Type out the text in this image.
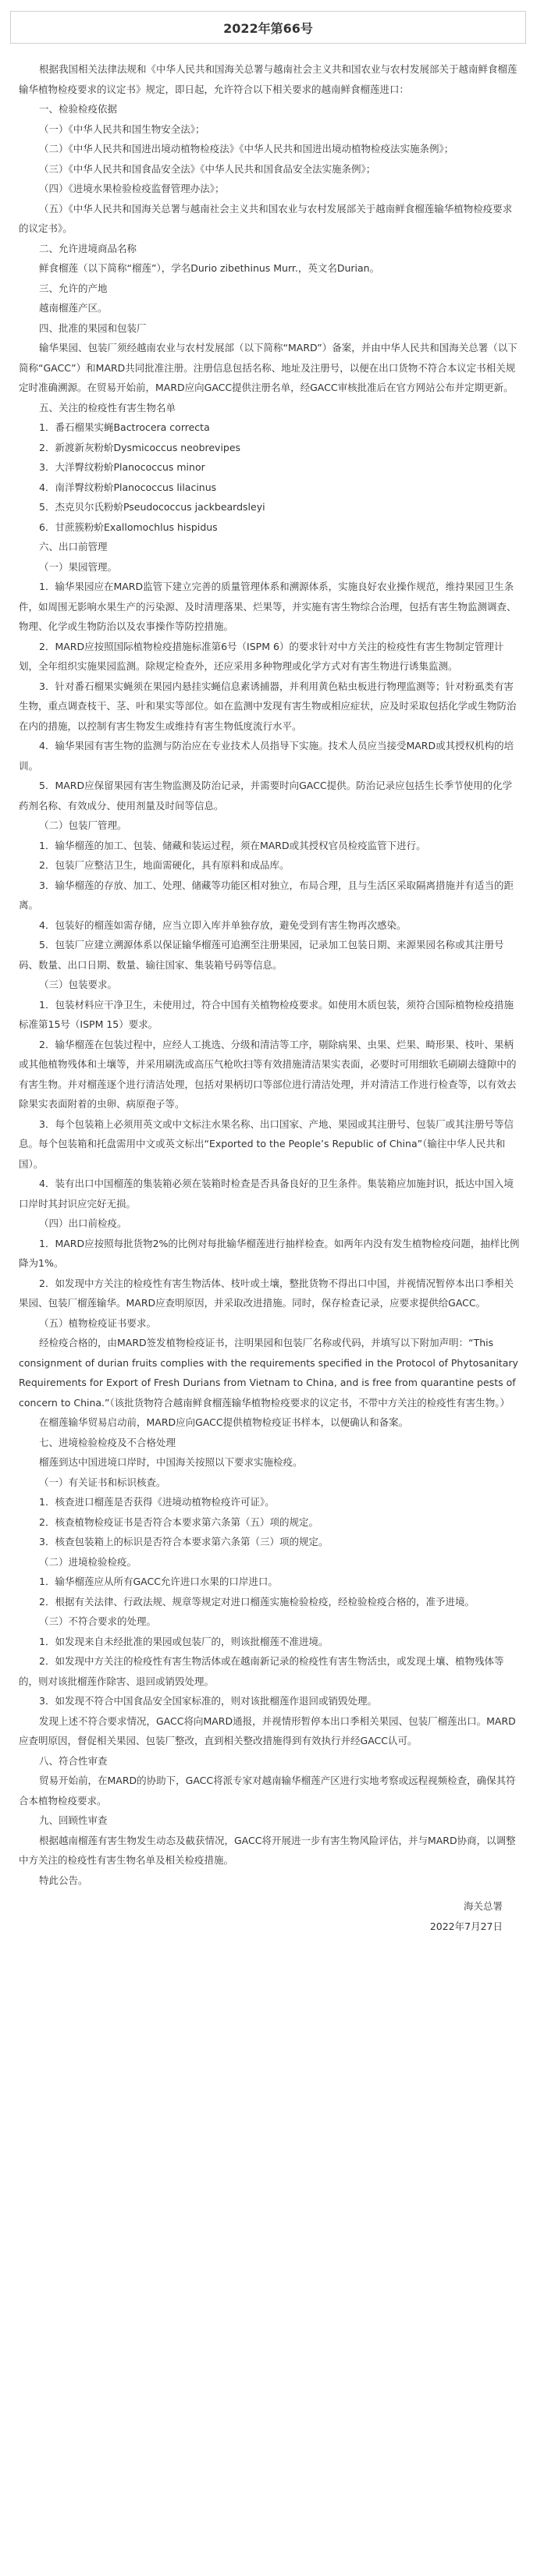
2022年第66号

根据我国相关法律法规和《中华人民共和国海关总署与越南社会主义共和国农业与农村发展部关于越南鲜食榴莲输华植物检疫要求的议定书》规定，即日起，允许符合以下相关要求的越南鲜食榴莲进口：

一、检验检疫依据

（一）《中华人民共和国生物安全法》；

（二）《中华人民共和国进出境动植物检疫法》《中华人民共和国进出境动植物检疫法实施条例》；

（三）《中华人民共和国食品安全法》《中华人民共和国食品安全法实施条例》；

（四）《进境水果检验检疫监督管理办法》；

（五）《中华人民共和国海关总署与越南社会主义共和国农业与农村发展部关于越南鲜食榴莲输华植物检疫要求的议定书》。

二、允许进境商品名称

鲜食榴莲（以下简称“榴莲”），学名Durio zibethinus Murr.，英文名Durian。

三、允许的产地

越南榴莲产区。

四、批准的果园和包装厂

输华果园、包装厂须经越南农业与农村发展部（以下简称“MARD”）备案，并由中华人民共和国海关总署（以下简称“GACC”）和MARD共同批准注册。注册信息包括名称、地址及注册号，以便在出口货物不符合本议定书相关规定时准确溯源。在贸易开始前，MARD应向GACC提供注册名单，经GACC审核批准后在官方网站公布并定期更新。

五、关注的检疫性有害生物名单

1．番石榴果实蝇Bactrocera correcta

2．新渡新灰粉蚧Dysmicoccus neobrevipes

3．大洋臀纹粉蚧Planococcus minor

4．南洋臀纹粉蚧Planococcus lilacinus

5．杰克贝尔氏粉蚧Pseudococcus jackbeardsleyi

6．甘蔗簇粉蚧Exallomochlus hispidus

六、出口前管理

（一）果园管理。

1．输华果园应在MARD监管下建立完善的质量管理体系和溯源体系，实施良好农业操作规范，维持果园卫生条件，如周围无影响水果生产的污染源、及时清理落果、烂果等，并实施有害生物综合治理，包括有害生物监测调查、物理、化学或生物防治以及农事操作等防控措施。

2．MARD应按照国际植物检疫措施标准第6号（ISPM 6）的要求针对中方关注的检疫性有害生物制定管理计划，全年组织实施果园监测。除规定检查外，还应采用多种物理或化学方式对有害生物进行诱集监测。

3．针对番石榴果实蝇须在果园内悬挂实蝇信息素诱捕器，并利用黄色粘虫板进行物理监测等；针对粉虱类有害生物，重点调查枝干、茎、叶和果实等部位。如在监测中发现有害生物或相应症状，应及时采取包括化学或生物防治在内的措施，以控制有害生物发生或维持有害生物低度流行水平。

4．输华果园有害生物的监测与防治应在专业技术人员指导下实施。技术人员应当接受MARD或其授权机构的培训。

5．MARD应保留果园有害生物监测及防治记录，并需要时向GACC提供。防治记录应包括生长季节使用的化学药剂名称、有效成分、使用剂量及时间等信息。

（二）包装厂管理。

1．输华榴莲的加工、包装、储藏和装运过程，须在MARD或其授权官员检疫监管下进行。

2．包装厂应整洁卫生，地面需硬化，具有原料和成品库。

3．输华榴莲的存放、加工、处理、储藏等功能区相对独立，布局合理，且与生活区采取隔离措施并有适当的距离。

4．包装好的榴莲如需存储，应当立即入库并单独存放，避免受到有害生物再次感染。

5．包装厂应建立溯源体系以保证输华榴莲可追溯至注册果园，记录加工包装日期、来源果园名称或其注册号码、数量、出口日期、数量、输往国家、集装箱号码等信息。

（三）包装要求。

1．包装材料应干净卫生，未使用过，符合中国有关植物检疫要求。如使用木质包装，须符合国际植物检疫措施标准第15号（ISPM 15）要求。

2．输华榴莲在包装过程中，应经人工挑选、分级和清洁等工序，剔除病果、虫果、烂果、畸形果、枝叶、果柄或其他植物残体和土壤等，并采用刷洗或高压气枪吹扫等有效措施清洁果实表面，必要时可用细软毛刷刷去缝隙中的有害生物。并对榴莲逐个进行清洁处理，包括对果柄切口等部位进行清洁处理，并对清洁工作进行检查等，以有效去除果实表面附着的虫卵、病原孢子等。

3．每个包装箱上必须用英文或中文标注水果名称、出口国家、产地、果园或其注册号、包装厂或其注册号等信息。每个包装箱和托盘需用中文或英文标出“Exported to the People’s Republic of China”（输往中华人民共和国）。

4．装有出口中国榴莲的集装箱必须在装箱时检查是否具备良好的卫生条件。集装箱应加施封识，抵达中国入境口岸时其封识应完好无损。

（四）出口前检疫。

1．MARD应按照每批货物2%的比例对每批输华榴莲进行抽样检查。如两年内没有发生植物检疫问题，抽样比例降为1%。

2．如发现中方关注的检疫性有害生物活体、枝叶或土壤，整批货物不得出口中国，并视情况暂停本出口季相关果园、包装厂榴莲输华。MARD应查明原因，并采取改进措施。同时，保存检查记录，应要求提供给GACC。

（五）植物检疫证书要求。

经检疫合格的，由MARD签发植物检疫证书，注明果园和包装厂名称或代码，并填写以下附加声明：“This consignment of durian fruits complies with the requirements specified in the Protocol of Phytosanitary Requirements for Export of Fresh Durians from Vietnam to China, and is free from quarantine pests of concern to China.”（该批货物符合越南鲜食榴莲输华植物检疫要求的议定书，不带中方关注的检疫性有害生物。）

在榴莲输华贸易启动前，MARD应向GACC提供植物检疫证书样本，以便确认和备案。

七、进境检验检疫及不合格处理

榴莲到达中国进境口岸时，中国海关按照以下要求实施检疫。

（一）有关证书和标识核查。

1．核查进口榴莲是否获得《进境动植物检疫许可证》。

2．核查植物检疫证书是否符合本要求第六条第（五）项的规定。

3．核查包装箱上的标识是否符合本要求第六条第（三）项的规定。

（二）进境检验检疫。

1．输华榴莲应从所有GACC允许进口水果的口岸进口。

2．根据有关法律、行政法规、规章等规定对进口榴莲实施检验检疫，经检验检疫合格的，准予进境。

（三）不符合要求的处理。

1．如发现来自未经批准的果园或包装厂的，则该批榴莲不准进境。

2．如发现中方关注的检疫性有害生物活体或在越南新记录的检疫性有害生物活虫，或发现土壤、植物残体等的，则对该批榴莲作除害、退回或销毁处理。

3．如发现不符合中国食品安全国家标准的，则对该批榴莲作退回或销毁处理。

发现上述不符合要求情况，GACC将向MARD通报，并视情形暂停本出口季相关果园、包装厂榴莲出口。MARD应查明原因，督促相关果园、包装厂整改，直到相关整改措施得到有效执行并经GACC认可。

八、符合性审查

贸易开始前，在MARD的协助下，GACC将派专家对越南输华榴莲产区进行实地考察或远程视频检查，确保其符合本植物检疫要求。

九、回顾性审查

根据越南榴莲有害生物发生动态及截获情况，GACC将开展进一步有害生物风险评估，并与MARD协商，以调整中方关注的检疫性有害生物名单及相关检疫措施。

特此公告。

海关总署

2022年7月27日
